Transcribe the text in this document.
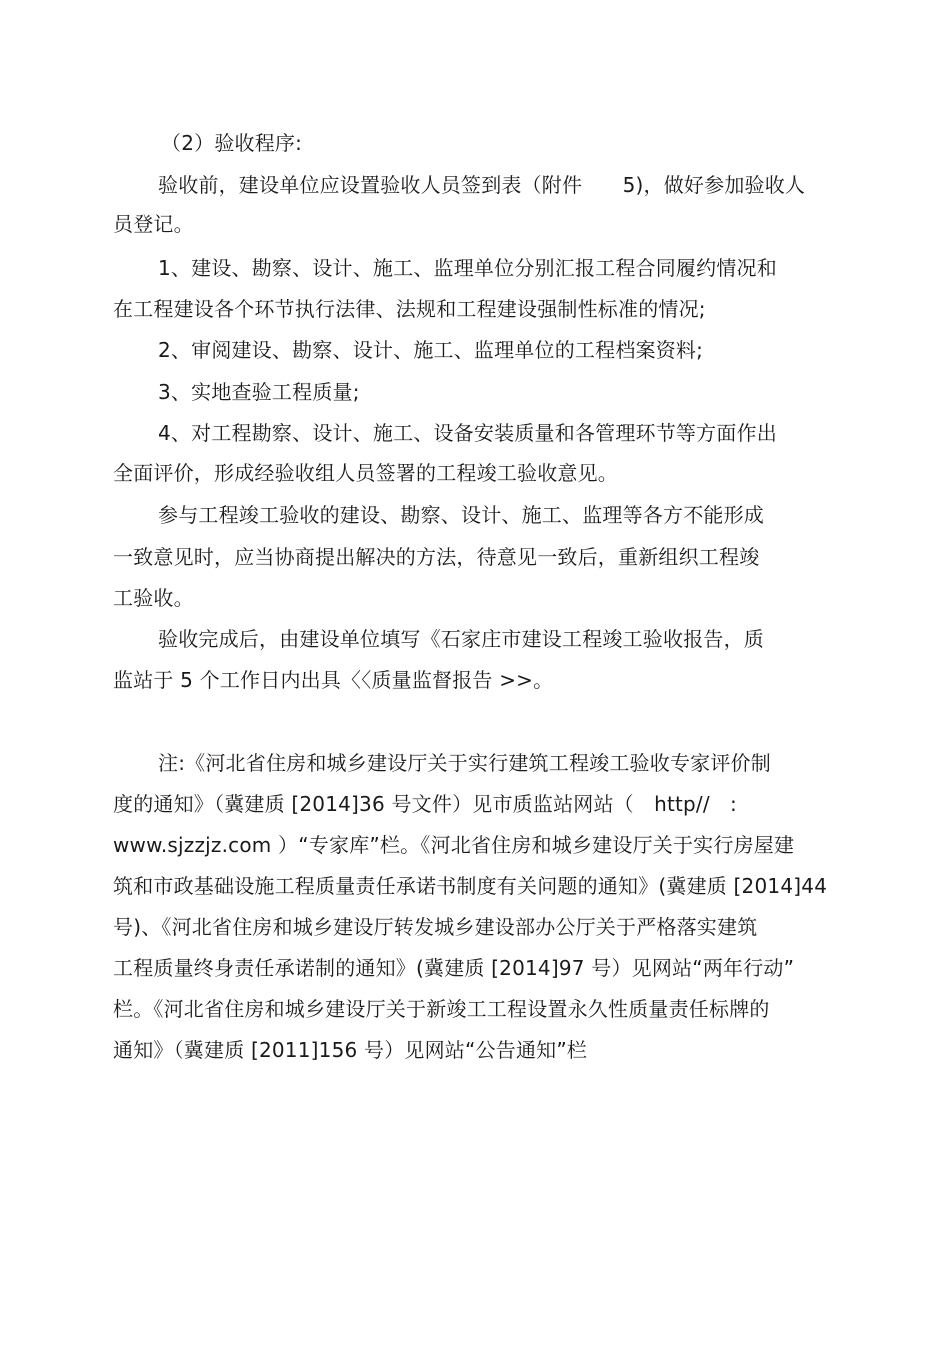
（2）验收程序:
验收前，建设单位应设置验收人员签到表（附件　　5)，做好参加验收人
员登记。
1、建设、勘察、设计、施工、监理单位分别汇报工程合同履约情况和
在工程建设各个环节执行法律、法规和工程建设强制性标准的情况;
2、审阅建设、勘察、设计、施工、监理单位的工程档案资料;
3、实地查验工程质量;
4、对工程勘察、设计、施工、设备安装质量和各管理环节等方面作出
全面评价，形成经验收组人员签署的工程竣工验收意见。
参与工程竣工验收的建设、勘察、设计、施工、监理等各方不能形成
一致意见时，应当协商提出解决的方法，待意见一致后，重新组织工程竣
工验收。
验收完成后，由建设单位填写《石家庄市建设工程竣工验收报告，质
监站于 5 个工作日内出具〈〈质量监督报告 >>。
注:《河北省住房和城乡建设厅关于实行建筑工程竣工验收专家评价制
度的通知》（冀建质 [2014]36 号文件）见市质监站网站（　http//　:
www.sjzzjz.com ）“专家库”栏。《河北省住房和城乡建设厅关于实行房屋建
筑和市政基础设施工程质量责任承诺书制度有关问题的通知》(冀建质 [2014]44
号)、《河北省住房和城乡建设厅转发城乡建设部办公厅关于严格落实建筑
工程质量终身责任承诺制的通知》(冀建质 [2014]97 号）见网站“两年行动”
栏。《河北省住房和城乡建设厅关于新竣工工程设置永久性质量责任标牌的
通知》（冀建质 [2011]156 号）见网站“公告通知”栏
